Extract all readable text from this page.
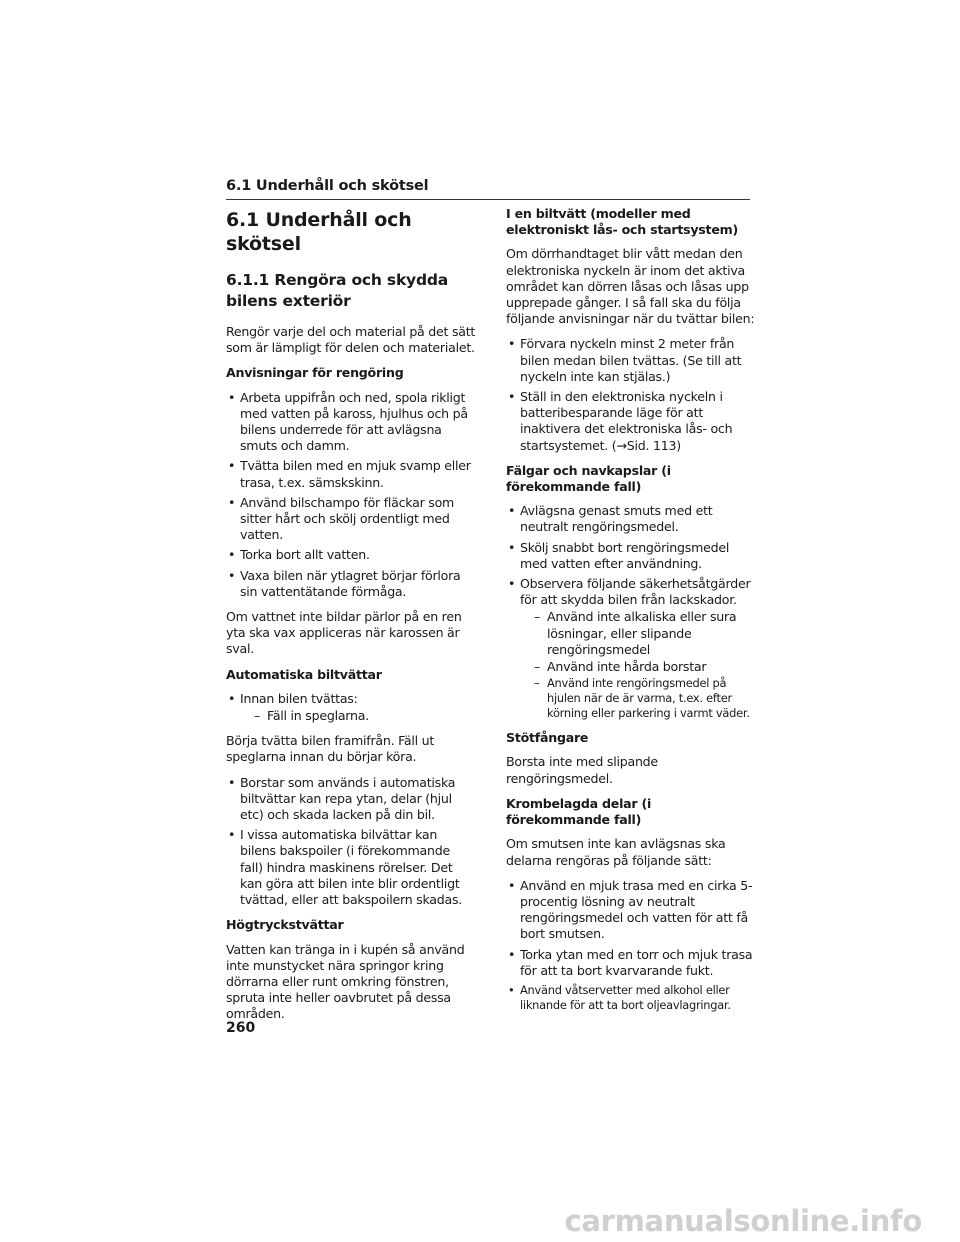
6.1 Underhåll och skötsel
6.1 Underhåll och skötsel
6.1.1 Rengöra och skydda bilens exteriör

Rengör varje del och material på det sätt som är lämpligt för delen och materialet.

Anvisningar för rengöring
• Arbeta uppifrån och ned, spola rikligt med vatten på kaross, hjulhus och på bilens underrede för att avlägsna smuts och damm.
• Tvätta bilen med en mjuk svamp eller trasa, t.ex. sämskskinn.
• Använd bilschampo för fläckar som sitter hårt och skölj ordentligt med vatten.
• Torka bort allt vatten.
• Vaxa bilen när ytlagret börjar förlora sin vattentätande förmåga.

Om vattnet inte bildar pärlor på en ren yta ska vax appliceras när karossen är sval.

Automatiska biltvättar
• Innan bilen tvättas:
– Fäll in speglarna.

Börja tvätta bilen framifrån. Fäll ut speglarna innan du börjar köra.

• Borstar som används i automatiska biltvättar kan repa ytan, delar (hjul etc) och skada lacken på din bil.
• I vissa automatiska bilvättar kan bilens bakspoiler (i förekommande fall) hindra maskinens rörelser. Det kan göra att bilen inte blir ordentligt tvättad, eller att bakspoilern skadas.
Högtryckstvättar

Vatten kan tränga in i kupén så använd inte munstycket nära springor kring dörrarna eller runt omkring fönstren, spruta inte heller oavbrutet på dessa områden.

I en biltvätt (modeller med elektroniskt lås- och startsystem)

Om dörrhandtaget blir vått medan den elektroniska nyckeln är inom det aktiva området kan dörren låsas och låsas upp upprepade gånger. I så fall ska du följa följande anvisningar när du tvättar bilen:

• Förvara nyckeln minst 2 meter från bilen medan bilen tvättas. (Se till att nyckeln inte kan stjälas.)
• Ställ in den elektroniska nyckeln i batteribesparande läge för att inaktivera det elektroniska lås- och startsystemet. (→Sid. 113)
Fälgar och navkapslar (i förekommande fall)
• Avlägsna genast smuts med ett neutralt rengöringsmedel.
• Skölj snabbt bort rengöringsmedel med vatten efter användning.
• Observera följande säkerhetsåtgärder för att skydda bilen från lackskador.
– Använd inte alkaliska eller sura lösningar, eller slipande rengöringsmedel
– Använd inte hårda borstar
– Använd inte rengöringsmedel på hjulen när de är varma, t.ex. efter körning eller parkering i varmt väder.
Stötfångare

Borsta inte med slipande rengöringsmedel.

Krombelagda delar (i förekommande fall)

Om smutsen inte kan avlägsnas ska delarna rengöras på följande sätt:

• Använd en mjuk trasa med en cirka 5-procentig lösning av neutralt rengöringsmedel och vatten för att få bort smutsen.
• Torka ytan med en torr och mjuk trasa för att ta bort kvarvarande fukt.
• Använd våtservetter med alkohol eller liknande för att ta bort oljeavlagringar.
260
carmanualsonline.info
